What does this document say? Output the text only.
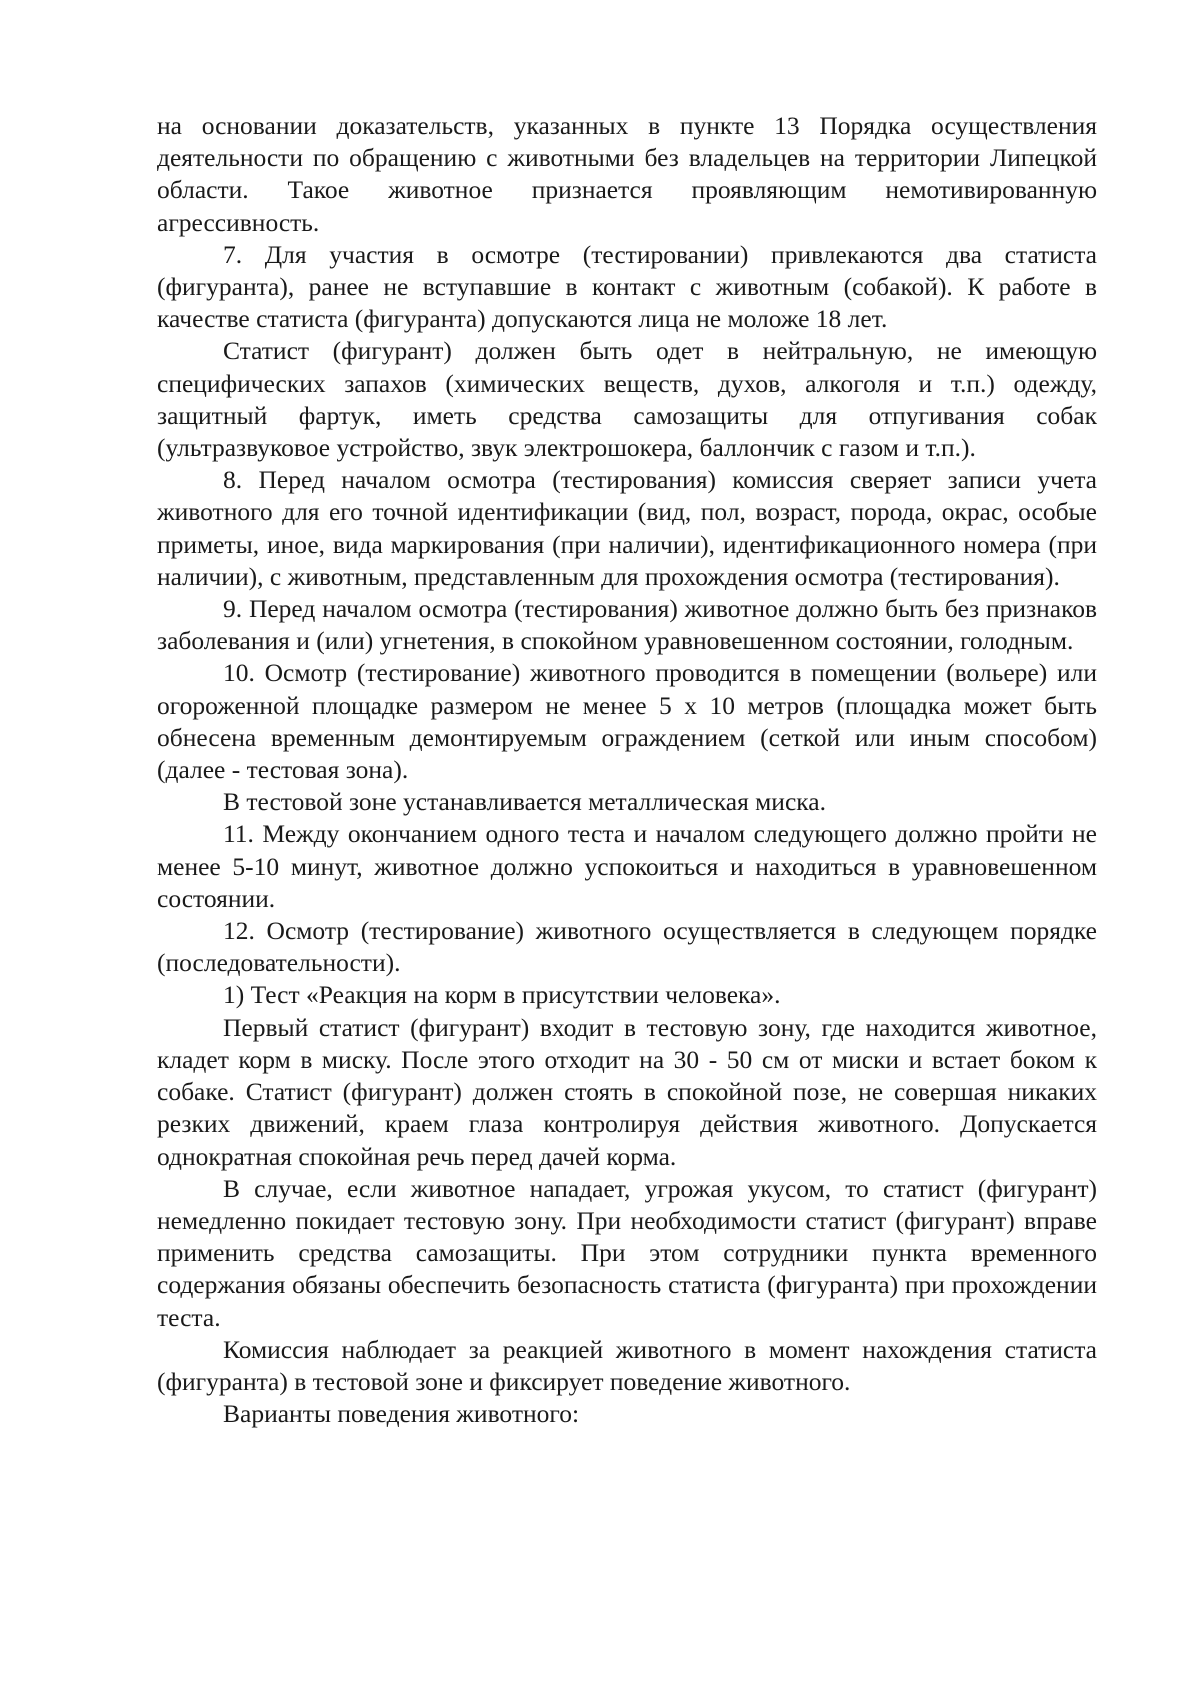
на основании доказательств, указанных в пункте 13 Порядка осуществления деятельности по обращению с животными без владельцев на территории Липецкой области. Такое животное признается проявляющим немотивированную агрессивность.

7. Для участия в осмотре (тестировании) привлекаются два статиста (фигуранта), ранее не вступавшие в контакт с животным (собакой). К работе в качестве статиста (фигуранта) допускаются лица не моложе 18 лет.

Статист (фигурант) должен быть одет в нейтральную, не имеющую специфических запахов (химических веществ, духов, алкоголя и т.п.) одежду, защитный фартук, иметь средства самозащиты для отпугивания собак (ультразвуковое устройство, звук электрошокера, баллончик с газом и т.п.).

8. Перед началом осмотра (тестирования) комиссия сверяет записи учета животного для его точной идентификации (вид, пол, возраст, порода, окрас, особые приметы, иное, вида маркирования (при наличии), идентификационного номера (при наличии), с животным, представленным для прохождения осмотра (тестирования).

9. Перед началом осмотра (тестирования) животное должно быть без признаков заболевания и (или) угнетения, в спокойном уравновешенном состоянии, голодным.

10. Осмотр (тестирование) животного проводится в помещении (вольере) или огороженной площадке размером не менее 5 х 10 метров (площадка может быть обнесена временным демонтируемым ограждением (сеткой или иным способом) (далее - тестовая зона).

В тестовой зоне устанавливается металлическая миска.

11. Между окончанием одного теста и началом следующего должно пройти не менее 5-10 минут, животное должно успокоиться и находиться в уравновешенном состоянии.

12. Осмотр (тестирование) животного осуществляется в следующем порядке (последовательности).

1) Тест «Реакция на корм в присутствии человека».

Первый статист (фигурант) входит в тестовую зону, где находится животное, кладет корм в миску. После этого отходит на 30 - 50 см от миски и встает боком к собаке. Статист (фигурант) должен стоять в спокойной позе, не совершая никаких резких движений, краем глаза контролируя действия животного. Допускается однократная спокойная речь перед дачей корма.

В случае, если животное нападает, угрожая укусом, то статист (фигурант) немедленно покидает тестовую зону. При необходимости статист (фигурант) вправе применить средства самозащиты. При этом сотрудники пункта временного содержания обязаны обеспечить безопасность статиста (фигуранта) при прохождении теста.

Комиссия наблюдает за реакцией животного в момент нахождения статиста (фигуранта) в тестовой зоне и фиксирует поведение животного.

Варианты поведения животного:
